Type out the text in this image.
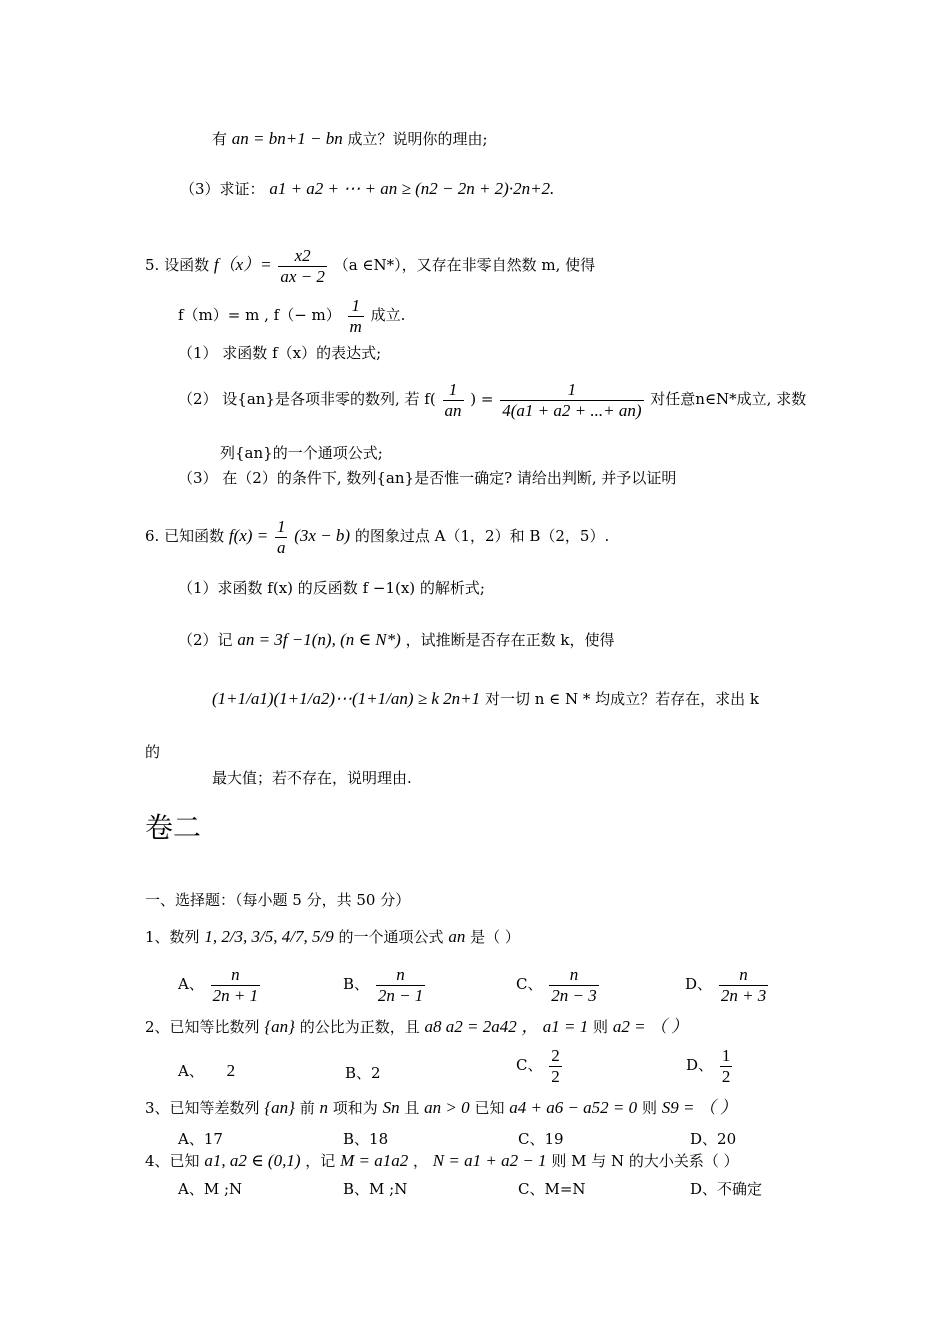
有 an = bn+1 − bn 成立？说明你的理由;
（3）求证： a1 + a2 + ⋯ + an ≥ (n2 − 2n + 2)·2n+2.
5. 设函数 $f(x)= \frac{x2}{ax - 2} (a$ ∈N*），又存在非零自然数 m, 使得
f（m）= m , $f(- m) \frac{1}{m}$ 成立.
（1） 求函数 f（x）的表达式;
（2） 设{an}是各项非零的数列, 若 $f( \frac{1}{an}$ ) = $\frac{1}{4(a1 + a2 + ...+ an)}$ 对任意n∈N*成立, 求数
列{an}的一个通项公式;
（3） 在（2）的条件下, 数列{an}是否惟一确定? 请给出判断, 并予以证明
6. 已知函数 $f(x) = \frac{1}{a} (3x - b)$ 的图象过点 A（1，2）和 B（2，5）.
（1）求函数 f(x) 的反函数 f −1(x) 的解析式;
（2）记 an = 3f −1(n), (n ∈ N*) ，试推断是否存在正数 k，使得
(1+1/a1)(1+1/a2)⋯(1+1/an) ≥ k 2n+1 对一切 n ∈ N * 均成立？若存在，求出 k
的
最大值；若不存在，说明理由.
卷二
一、选择题：（每小题 5 分，共 50 分）
1、数列 1, 2/3, 3/5, 4/7, 5/9 的一个通项公式 an 是（ ）
A、 $\frac{n}{2n + 1}$	B、 $\frac{n}{2n - 1}$	C、 $\frac{n}{2n - 3}$	D、 $\frac{n}{2n + 3}$
2、已知等比数列 {an} 的公比为正数，且 a8 a2 = 2a42 ， a1 = 1 则 a2 = （ ）
A、 2	B、2	C、 $\frac{2}{2}$	D、 $\frac{1}{2}$
3、已知等差数列 {an} 前 n 项和为 Sn 且 an > 0 已知 a4 + a6 − a52 = 0 则 S9 = （ ）
A、17	B、18	C、19	D、20
4、已知 a1, a2 ∈ (0,1) ，记 M = a1a2 ， N = a1 + a2 − 1 则 M 与 N 的大小关系（ ）
A、M ;N	B、M ;N	C、M=N	D、不确定
